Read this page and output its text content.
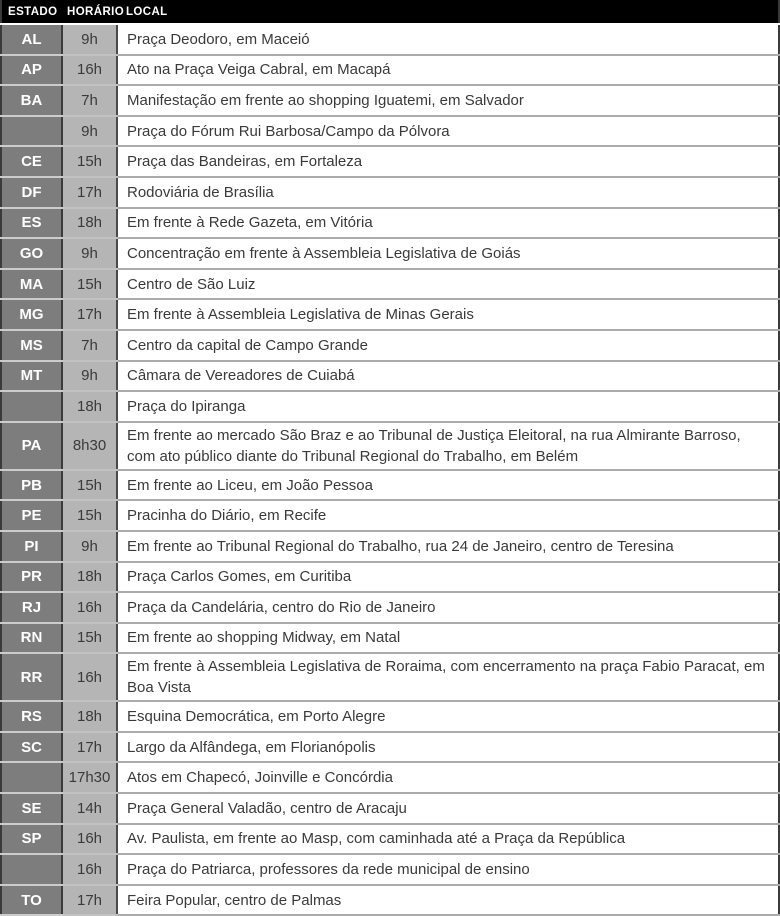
ESTADO	HORÁRIO	LOCAL
AL	9h	Praça Deodoro, em Maceió
AP	16h	Ato na Praça Veiga Cabral, em Macapá
BA	7h	Manifestação em frente ao shopping Iguatemi, em Salvador
	9h	Praça do Fórum Rui Barbosa/Campo da Pólvora
CE	15h	Praça das Bandeiras, em Fortaleza
DF	17h	Rodoviária de Brasília
ES	18h	Em frente à Rede Gazeta, em Vitória
GO	9h	Concentração em frente à Assembleia Legislativa de Goiás
MA	15h	Centro de São Luiz
MG	17h	Em frente à Assembleia Legislativa de Minas Gerais
MS	7h	Centro da capital de Campo Grande
MT	9h	Câmara de Vereadores de Cuiabá
	18h	Praça do Ipiranga
PA	8h30	Em frente ao mercado São Braz e ao Tribunal de Justiça Eleitoral, na rua Almirante Barroso, com ato público diante do Tribunal Regional do Trabalho, em Belém
PB	15h	Em frente ao Liceu, em João Pessoa
PE	15h	Pracinha do Diário, em Recife
PI	9h	Em frente ao Tribunal Regional do Trabalho, rua 24 de Janeiro, centro de Teresina
PR	18h	Praça Carlos Gomes, em Curitiba
RJ	16h	Praça da Candelária, centro do Rio de Janeiro
RN	15h	Em frente ao shopping Midway, em Natal
RR	16h	Em frente à Assembleia Legislativa de Roraima, com encerramento na praça Fabio Paracat, em Boa Vista
RS	18h	Esquina Democrática, em Porto Alegre
SC	17h	Largo da Alfândega, em Florianópolis
	17h30	Atos em Chapecó, Joinville e Concórdia
SE	14h	Praça General Valadão, centro de Aracaju
SP	16h	Av. Paulista, em frente ao Masp, com caminhada até a Praça da República
	16h	Praça do Patriarca, professores da rede municipal de ensino
TO	17h	Feira Popular, centro de Palmas
